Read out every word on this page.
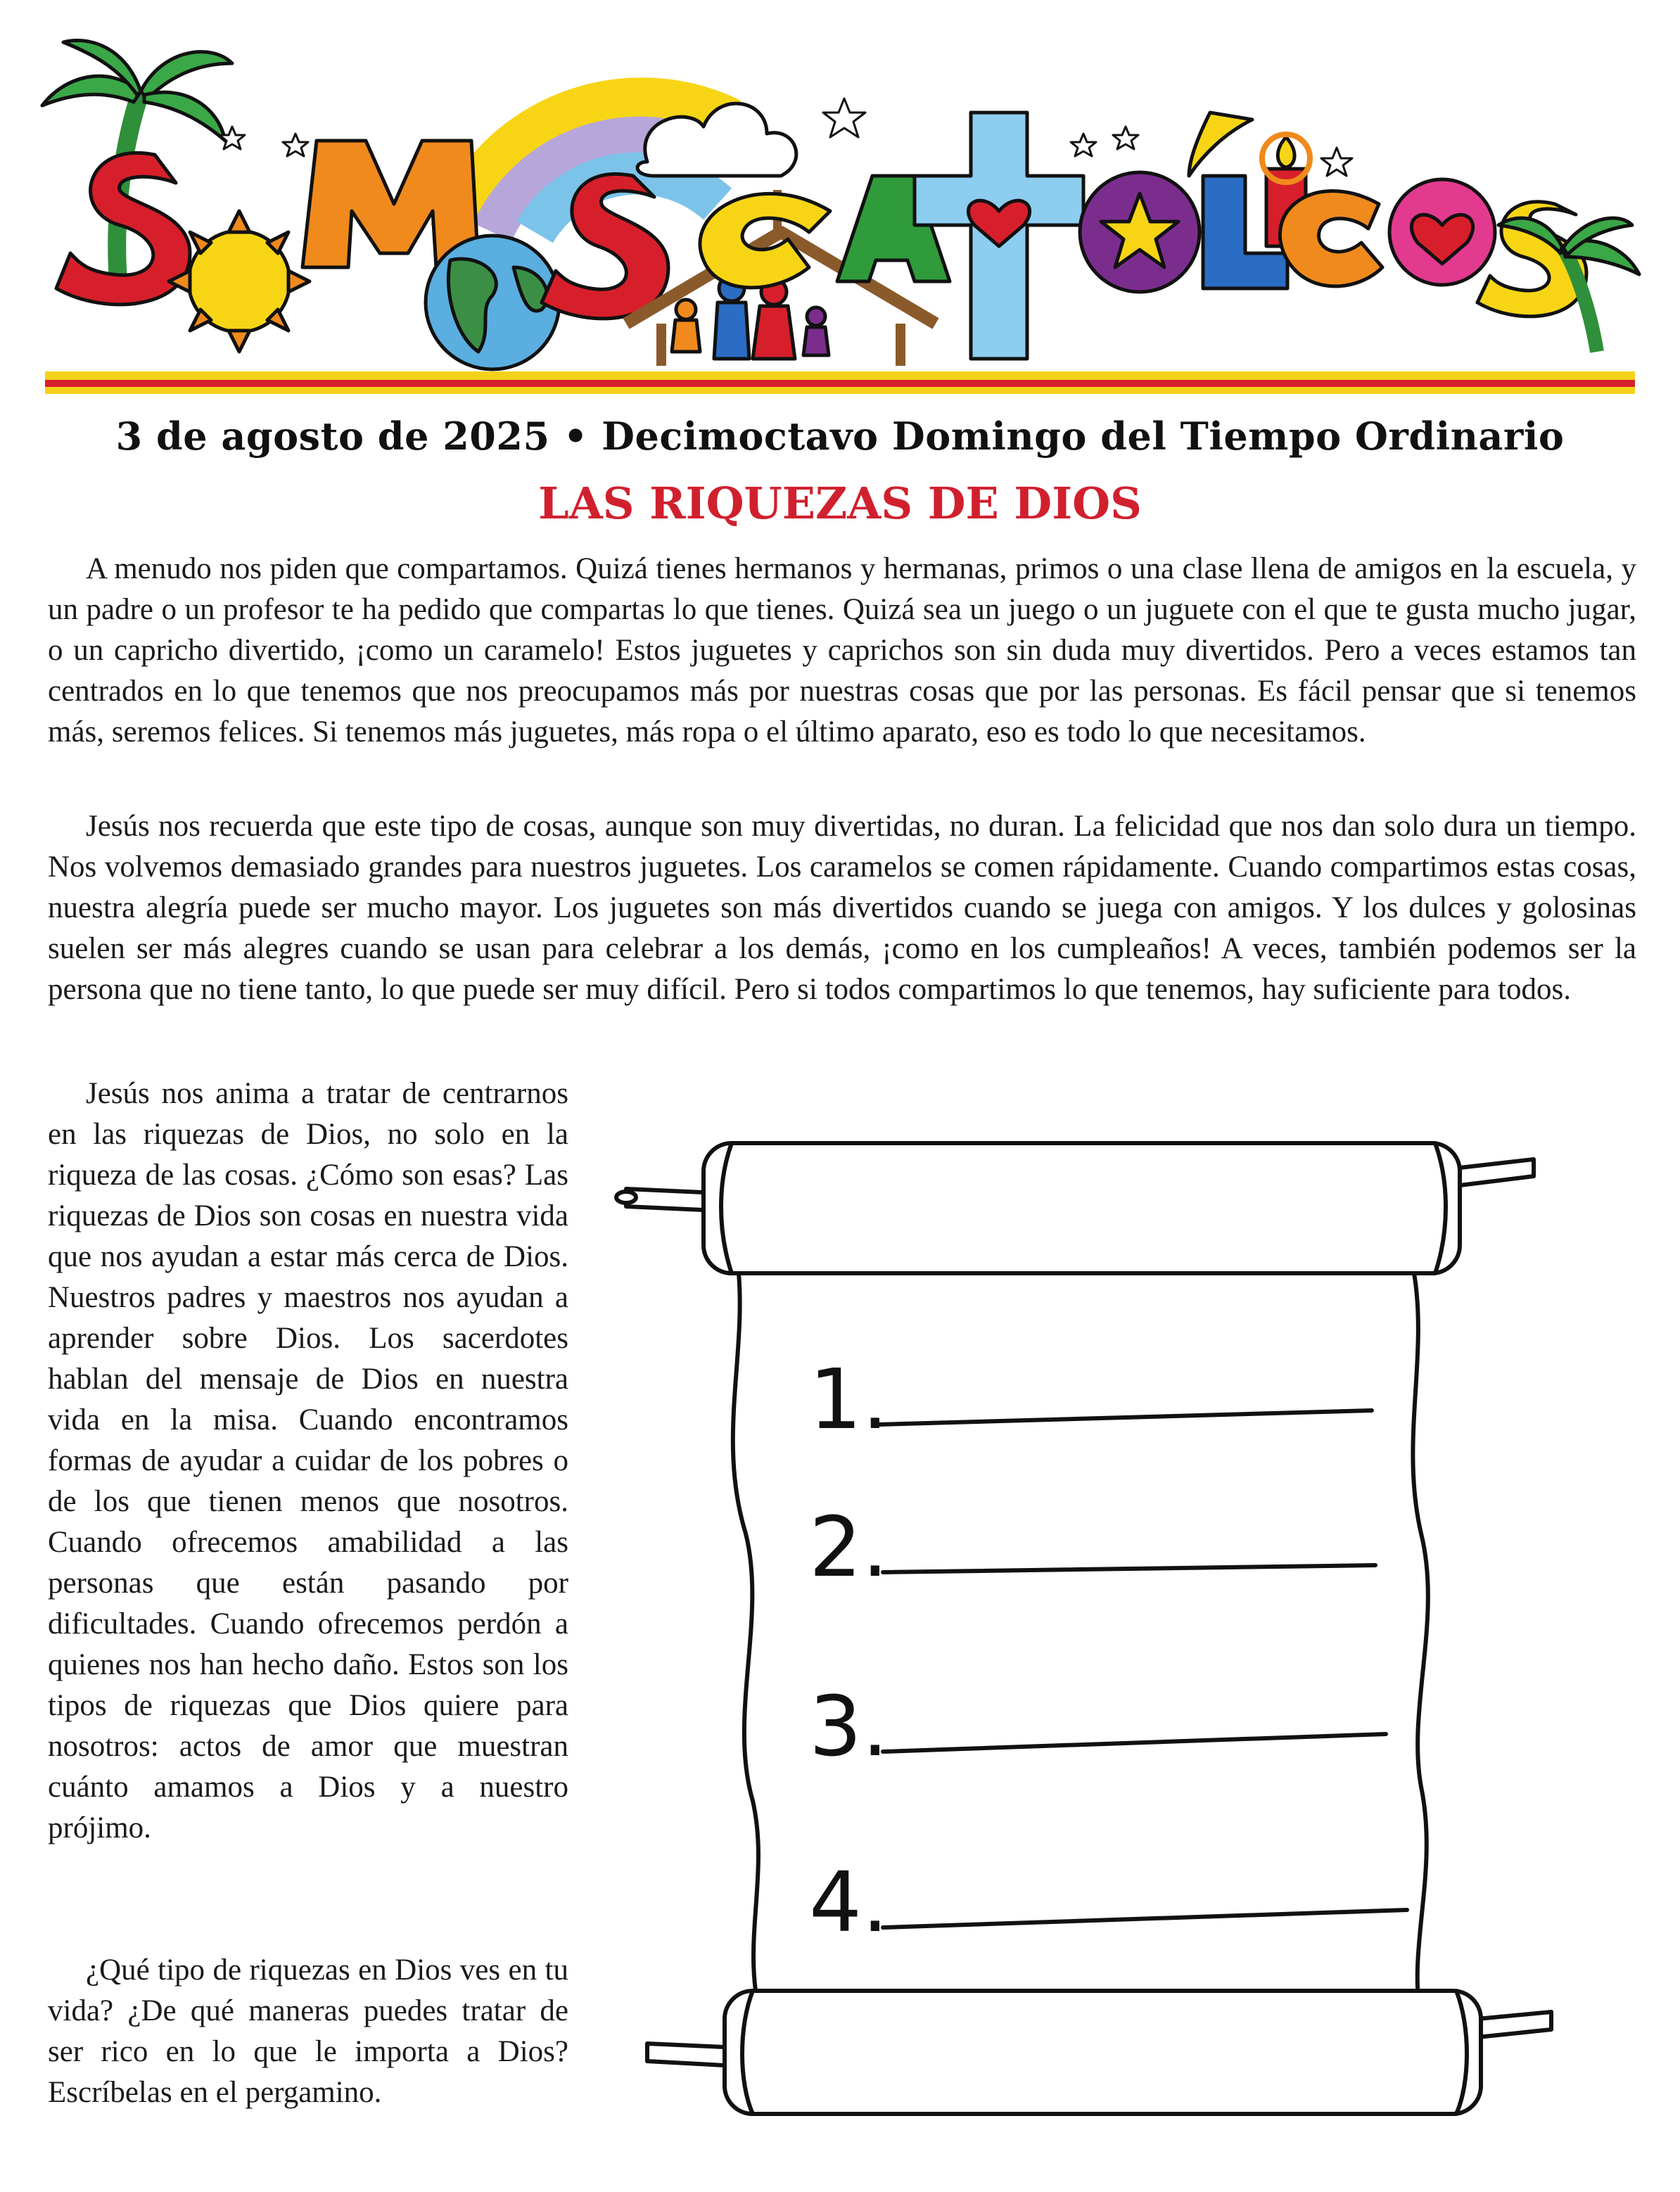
3 de agosto de 2025 • Decimoctavo Domingo del Tiempo Ordinario
LAS RIQUEZAS DE DIOS

A menudo nos piden que compartamos. Quizá tienes hermanos y hermanas, primos o una clase llena de amigos en la escuela, y un padre o un profesor te ha pedido que compartas lo que tienes. Quizá sea un juego o un juguete con el que te gusta mucho jugar, o un capricho divertido, ¡como un caramelo! Estos juguetes y caprichos son sin duda muy divertidos. Pero a veces estamos tan centrados en lo que tenemos que nos preocupamos más por nuestras cosas que por las personas. Es fácil pensar que si tenemos más, seremos felices. Si tenemos más juguetes, más ropa o el último aparato, eso es todo lo que necesitamos.

Jesús nos recuerda que este tipo de cosas, aunque son muy divertidas, no duran. La felicidad que nos dan solo dura un tiempo. Nos volvemos demasiado grandes para nuestros juguetes. Los caramelos se comen rápidamente. Cuando compartimos estas cosas, nuestra alegría puede ser mucho mayor. Los juguetes son más divertidos cuando se juega con amigos. Y los dulces y golosinas suelen ser más alegres cuando se usan para celebrar a los demás, ¡como en los cumpleaños! A veces, también podemos ser la persona que no tiene tanto, lo que puede ser muy difícil. Pero si todos compartimos lo que tenemos, hay suficiente para todos.

Jesús nos anima a tratar de centrarnos en las riquezas de Dios, no solo en la riqueza de las cosas. ¿Cómo son esas? Las riquezas de Dios son cosas en nuestra vida que nos ayudan a estar más cerca de Dios. Nuestros padres y maestros nos ayudan a aprender sobre Dios. Los sacerdotes hablan del mensaje de Dios en nuestra vida en la misa. Cuando encontramos formas de ayudar a cuidar de los pobres o de los que tienen menos que nosotros. Cuando ofrecemos amabilidad a las personas que están pasando por dificultades. Cuando ofrecemos perdón a quienes nos han hecho daño. Estos son los tipos de riquezas que Dios quiere para nosotros: actos de amor que muestran cuánto amamos a Dios y a nuestro prójimo.

¿Qué tipo de riquezas en Dios ves en tu vida? ¿De qué maneras puedes tratar de ser rico en lo que le importa a Dios? Escríbelas en el pergamino.

1.
2.
3.
4.
